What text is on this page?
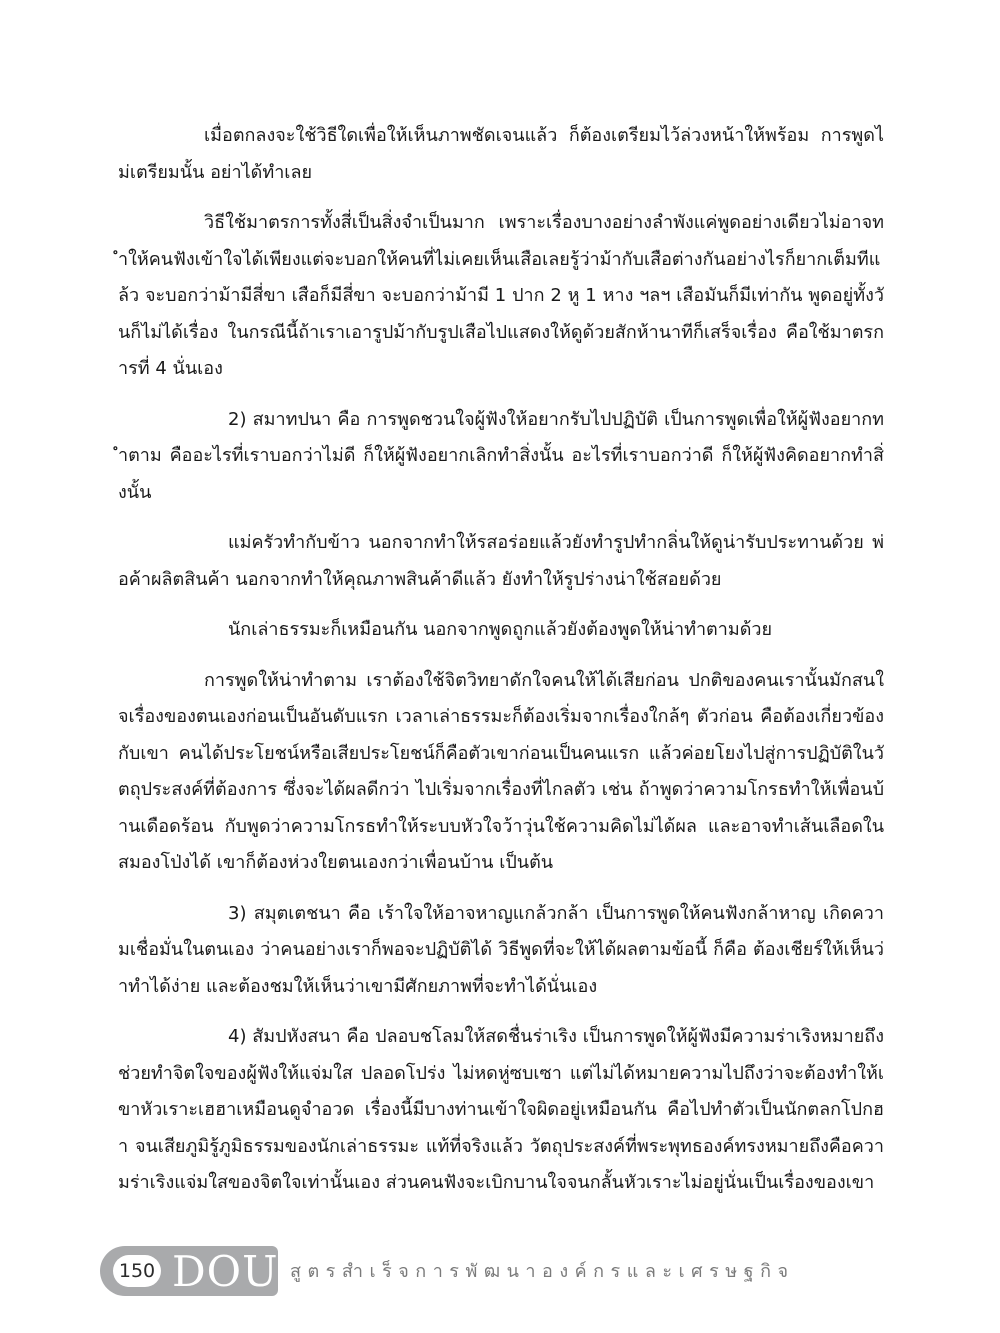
เมื่อตกลงจะใช้วิธีใดเพื่อให้เห็นภาพชัดเจนแล้ว ก็ต้องเตรียมไว้ล่วงหน้าให้พร้อม การพูดไม่เตรียมนั้น อย่าได้ทำเลย

วิธีใช้มาตรการทั้งสี่เป็นสิ่งจำเป็นมาก เพราะเรื่องบางอย่างลำพังแค่พูดอย่างเดียวไม่อาจทำให้คนฟังเข้าใจได้เพียงแต่จะบอกให้คนที่ไม่เคยเห็นเสือเลยรู้ว่าม้ากับเสือต่างกันอย่างไรก็ยากเต็มทีแล้ว จะบอกว่าม้ามีสี่ขา เสือก็มีสี่ขา จะบอกว่าม้ามี 1 ปาก 2 หู 1 หาง ฯลฯ เสือมันก็มีเท่ากัน พูดอยู่ทั้งวันก็ไม่ได้เรื่อง ในกรณีนี้ถ้าเราเอารูปม้ากับรูปเสือไปแสดงให้ดูด้วยสักห้านาทีก็เสร็จเรื่อง คือใช้มาตรการที่ 4 นั่นเอง

2) สมาทปนา คือ การพูดชวนใจผู้ฟังให้อยากรับไปปฏิบัติ เป็นการพูดเพื่อให้ผู้ฟังอยากทำตาม คืออะไรที่เราบอกว่าไม่ดี ก็ให้ผู้ฟังอยากเลิกทำสิ่งนั้น อะไรที่เราบอกว่าดี ก็ให้ผู้ฟังคิดอยากทำสิ่งนั้น

แม่ครัวทำกับข้าว นอกจากทำให้รสอร่อยแล้วยังทำรูปทำกลิ่นให้ดูน่ารับประทานด้วย พ่อค้าผลิตสินค้า นอกจากทำให้คุณภาพสินค้าดีแล้ว ยังทำให้รูปร่างน่าใช้สอยด้วย

นักเล่าธรรมะก็เหมือนกัน นอกจากพูดถูกแล้วยังต้องพูดให้น่าทำตามด้วย

การพูดให้น่าทำตาม เราต้องใช้จิตวิทยาดักใจคนให้ได้เสียก่อน ปกติของคนเรานั้นมักสนใจเรื่องของตนเองก่อนเป็นอันดับแรก เวลาเล่าธรรมะก็ต้องเริ่มจากเรื่องใกล้ๆ ตัวก่อน คือต้องเกี่ยวข้องกับเขา คนได้ประโยชน์หรือเสียประโยชน์ก็คือตัวเขาก่อนเป็นคนแรก แล้วค่อยโยงไปสู่การปฏิบัติในวัตถุประสงค์ที่ต้องการ ซึ่งจะได้ผลดีกว่า ไปเริ่มจากเรื่องที่ไกลตัว เช่น ถ้าพูดว่าความโกรธทำให้เพื่อนบ้านเดือดร้อน กับพูดว่าความโกรธทำให้ระบบหัวใจว้าวุ่นใช้ความคิดไม่ได้ผล และอาจทำเส้นเลือดในสมองโป่งได้ เขาก็ต้องห่วงใยตนเองกว่าเพื่อนบ้าน เป็นต้น

3) สมุตเตชนา คือ เร้าใจให้อาจหาญแกล้วกล้า เป็นการพูดให้คนฟังกล้าหาญ เกิดความเชื่อมั่นในตนเอง ว่าคนอย่างเราก็พอจะปฏิบัติได้ วิธีพูดที่จะให้ได้ผลตามข้อนี้ ก็คือ ต้องเชียร์ให้เห็นว่าทำได้ง่าย และต้องชมให้เห็นว่าเขามีศักยภาพที่จะทำได้นั่นเอง

4) สัมปหังสนา คือ ปลอบชโลมให้สดชื่นร่าเริง เป็นการพูดให้ผู้ฟังมีความร่าเริงหมายถึงช่วยทำจิตใจของผู้ฟังให้แจ่มใส ปลอดโปร่ง ไม่หดหู่ซบเซา แต่ไม่ได้หมายความไปถึงว่าจะต้องทำให้เขาหัวเราะเฮฮาเหมือนดูจำอวด เรื่องนี้มีบางท่านเข้าใจผิดอยู่เหมือนกัน คือไปทำตัวเป็นนักตลกโปกฮา จนเสียภูมิรู้ภูมิธรรมของนักเล่าธรรมะ แท้ที่จริงแล้ว วัตถุประสงค์ที่พระพุทธองค์ทรงหมายถึงคือความร่าเริงแจ่มใสของจิตใจเท่านั้นเอง ส่วนคนฟังจะเบิกบานใจจนกลั้นหัวเราะไม่อยู่นั่นเป็นเรื่องของเขา

150 DOU สูตรสำเร็จการพัฒนาองค์กรและเศรษฐกิจ
